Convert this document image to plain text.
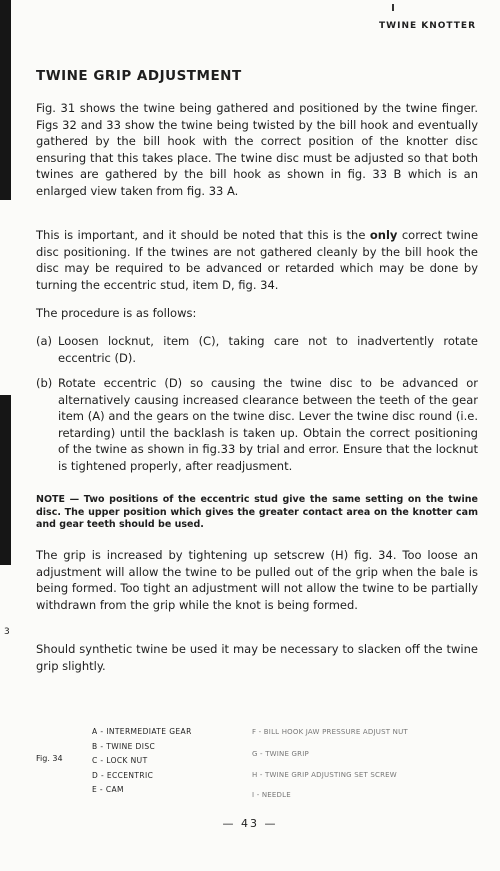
TWINE KNOTTER
TWINE GRIP ADJUSTMENT

Fig. 31 shows the twine being gathered and positioned by the twine finger. Figs 32 and 33 show the twine being twisted by the bill hook and eventually gathered by the bill hook with the correct position of the knotter disc ensuring that this takes place. The twine disc must be adjusted so that both twines are gathered by the bill hook as shown in fig. 33 B which is an enlarged view taken from fig. 33 A.

This is important, and it should be noted that this is the only correct twine disc positioning. If the twines are not gathered cleanly by the bill hook the disc may be required to be advanced or retarded which may be done by turning the eccentric stud, item D, fig. 34.

The procedure is as follows:

(a) Loosen locknut, item (C), taking care not to inadvertently rotate eccentric (D).
(b) Rotate eccentric (D) so causing the twine disc to be advanced or alternatively causing increased clearance between the teeth of the gear item (A) and the gears on the twine disc. Lever the twine disc round (i.e. retarding) until the backlash is taken up. Obtain the correct positioning of the twine as shown in fig.33 by trial and error. Ensure that the locknut is tightened properly, after readjusment.
NOTE — Two positions of the eccentric stud give the same setting on the twine disc. The upper position which gives the greater contact area on the knotter cam and gear teeth should be used.

The grip is increased by tightening up setscrew (H) fig. 34. Too loose an adjustment will allow the twine to be pulled out of the grip when the bale is being formed. Too tight an adjustment will not allow the twine to be partially withdrawn from the grip while the knot is being formed.

Should synthetic twine be used it may be necessary to slacken off the twine grip slightly.

3
Fig. 34
A - INTERMEDIATE GEAR
B - TWINE DISC
C - LOCK NUT
D - ECCENTRIC
E - CAM
F - BILL HOOK JAW PRESSURE ADJUST NUT
G - TWINE GRIP
H - TWINE GRIP ADJUSTING SET SCREW
I - NEEDLE
— 43 —
